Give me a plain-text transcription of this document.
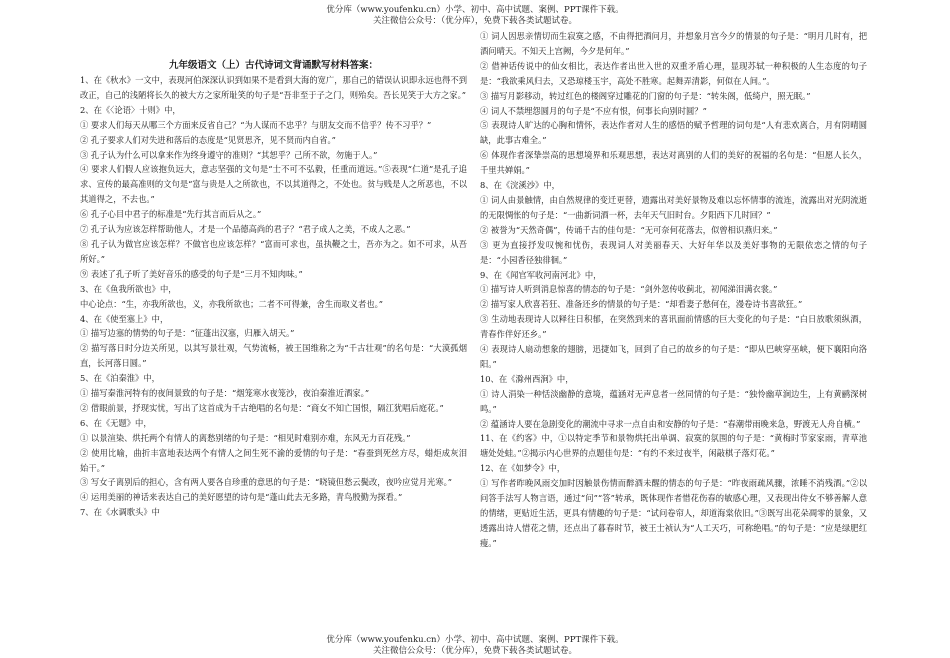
优分库（www.youfenku.cn）小学、初中、高中试题、案例、PPT课件下载。
关注微信公众号：（优分库），免费下载各类试题试卷。

九年级语文（上）古代诗词文背诵默写材料答案：

1、在《秋水》一文中，表现河伯深深认识到如果不是看到大海的宽广，那自己的错误认识即永远也得不到改正，自己的浅陋将长久的被大方之家所耻笑的句子是“吾非至于子之门，则殆矣。吾长见笑于大方之家。”

2、在《〈论语〉十则》中，

① 要求人们每天从哪三个方面来反省自己？“为人谋而不忠乎？与朋友交而不信乎？传不习乎？”

② 孔子要求人们对失进和落后的态度是“见贤思齐，见不贤而内自省。”

③ 孔子认为什么可以拿来作为终身遵守的准则？“其恕乎？己所不欲，勿施于人。”

④ 要求人们假人应该抱负远大，意志坚强的文句是“士不可不弘毅，任重而道远。”⑤表现“仁道”是孔子追求、宣传的最高准则的文句是“富与贵是人之所欲也，不以其道得之，不处也。贫与贱是人之所恶也，不以其道得之，不去也。”

⑥ 孔子心目中君子的标准是“先行其言而后从之。”

⑦ 孔子认为应该怎样帮助他人，才是一个品德高尚的君子？“君子成人之美，不成人之恶。”

⑧ 孔子认为做官应该怎样？不做官也应该怎样？“富而可求也，虽执鞭之士，吾亦为之。如不可求，从吾所好。”

⑨ 表述了孔子听了美好音乐的感受的句子是“三月不知肉味。”

3、在《鱼我所欲也》中，

中心论点：“生，亦我所欲也，义，亦我所欲也；二者不可得兼，舍生而取义者也。”

4、在《使至塞上》中，

① 描写边塞的情势的句子是：“征蓬出汉塞，归雁入胡天。”

② 描写落日时分边关所见，以其写景壮观，气势流畅，被王国维称之为“千古壮观”的名句是：“大漠孤烟直，长河落日圆。”

5、在《泊秦淮》中，

① 描写秦淮河特有的夜间景致的句子是：“烟笼寒水夜笼沙，夜泊秦淮近酒家。”

② 借眼前景，抒现实忧，写出了这首成为千古绝唱的名句是：“商女不知亡国恨，隔江犹唱后庭花。”

6、在《无题》中，

① 以景渲染、烘托两个有情人的离愁别绪的句子是：“相见时难别亦难，东风无力百花残。”

② 使用比喻，曲折丰富地表达两个有情人之间生死不渝的爱情的句子是：“春蚕到死丝方尽，蜡炬成灰泪始干。”

③ 写女子离别后的担心，含有两人要各自珍重的意思的句子是：“晓镜但愁云鬓改，夜吟应觉月光寒。”

④ 运用美丽的神话来表达自己的美好愿望的诗句是“蓬山此去无多路，青鸟殷勤为探看。”

7、在《水调歌头》中

① 词人因思亲情切而生寂寞之感，不由得把酒问月，并想象月宫今夕的情景的句子是：“明月几时有，把酒问晴天。不知天上宫阙，今夕是何年。”

② 借神话传说中的仙女相比，表达作者出世入世的双重矛盾心理，显现苏轼一种积极的人生态度的句子是：“我欲乘风归去，又恐琼楼玉宇，高处不胜寒。起舞弄清影，何似在人间。”。

③ 描写月影移动，转过红色的楼阁穿过雕花的门窗的句子是：“转朱阁，低绮户，照无眠。”

④ 词人不禁埋怨圆月的句子是“不应有恨，何事长向别时圆？”

⑤ 表现诗人旷达的心胸和情怀，表达作者对人生的感悟的赋予哲理的词句是“人有悲欢离合，月有阴晴圆缺，此事古难全。”

⑥ 体现作者深挚崇高的思想境界和乐观思想，表达对离别的人们的美好的祝福的名句是：“但愿人长久，千里共婵娟。”

8、在《浣溪沙》中，

① 词人由景触情，由自然规律的变迁更替，遗露出对美好景物及难以忘怀情事的流连，流露出对光阴流逝的无限惆怅的句子是：“一曲新词酒一杯，去年天气旧时台。夕阳西下几时回？”

② 被誉为“天然奇偶”，传诵千古的佳句是：“无可奈何花落去，似曾相识燕归来。”

③ 更为直接抒发叹惋和忧伤，表现词人对美丽春天、大好年华以及美好事物的无限依恋之情的句子是：“小园香径独徘徊。”

9、在《闻官军收河南河北》中，

① 描写诗人听到消息惊喜的情态的句子是：“剑外忽传收蓟北，初闻涕泪满衣裳。”

② 描写家人欣喜若狂、准备还乡的情景的句子是：“却看妻子愁何在，漫卷诗书喜欲狂。”

③ 生动地表现诗人以释往日积郁，在突然到来的喜讯面前情感的巨大变化的句子是：“白日放歌须纵酒，青春作伴好还乡。”

④ 表现诗人扇动想象的翅膀，迅捷如飞，回到了自己的故乡的句子是：“即从巴峡穿巫峡，便下襄阳向洛阳。”

10、在《滁州西涧》中，

① 诗人涓染一种恬淡幽静的意境，蕴涵对无声息者一丝同情的句子是：“独怜幽草涧边生，上有黄鹂深树鸣。”

② 蕴涵诗人要在急剧变化的潮流中寻求一点自由和安静的句子是：“春潮带雨晚来急，野渡无人舟自横。”

11、在《约客》中，①以特定季节和景物烘托出单调、寂寞的氛围的句子是：“黄梅时节家家雨，青草池塘处处蛙。”②揭示内心世界的点题佳句是：“有约不来过夜半，闲敲棋子落灯花。”

12、在《如梦令》中，

① 写作者昨晚风雨交加时因触景伤情而醉酒未醒的情态的句子是：“昨夜雨疏风骤，浓睡不消残酒。”②以问答手法写人物言语，通过“问”“答”转承，既体现作者惜花伤春的敏感心理，又表现出侍女不够善解人意的情绪，更贴近生活，更具有情趣的句子是：“试问卷帘人，却道海棠依旧。”③既写出花朵凋零的景象，又透露出诗人惜花之情，还点出了暮春时节，被王士祯认为“人工天巧，可称绝唱。”的句子是：“应是绿肥红瘦。”

优分库（www.youfenku.cn）小学、初中、高中试题、案例、PPT课件下载。
关注微信公众号：（优分库），免费下载各类试题试卷。
